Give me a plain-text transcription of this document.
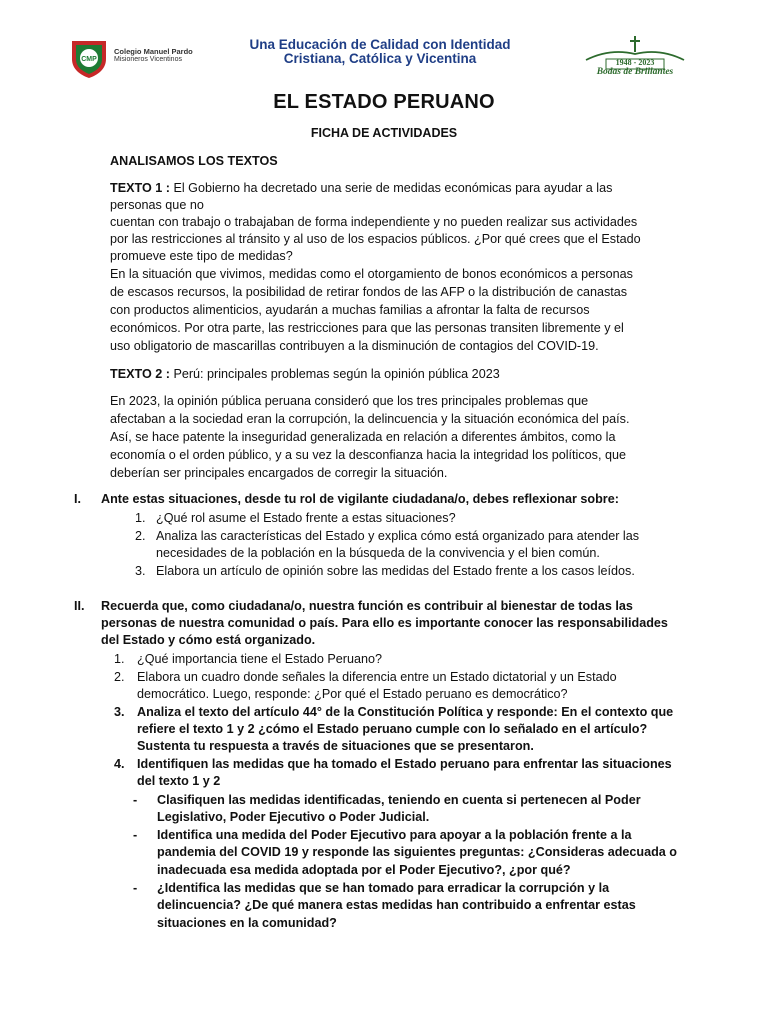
CMP
Colegio Manuel Pardo
Misioneros Vicentinos
Una Educación de Calidad con Identidad
Cristiana, Católica y Vicentina	1948 - 2023
Bodas de Brillantes
EL ESTADO PERUANO
FICHA DE ACTIVIDADES
ANALISAMOS LOS TEXTOS
TEXTO 1 : El Gobierno ha decretado una serie de medidas económicas para ayudar a las
personas que no
cuentan con trabajo o trabajaban de forma independiente y no pueden realizar sus actividades
por las restricciones al tránsito y al uso de los espacios públicos. ¿Por qué crees que el Estado
promueve este tipo de medidas?
En la situación que vivimos, medidas como el otorgamiento de bonos económicos a personas
de escasos recursos, la posibilidad de retirar fondos de las AFP o la distribución de canastas
con productos alimenticios, ayudarán a muchas familias a afrontar la falta de recursos
económicos. Por otra parte, las restricciones para que las personas transiten libremente y el
uso obligatorio de mascarillas contribuyen a la disminución de contagios del COVID-19.
TEXTO 2 : Perú: principales problemas según la opinión pública 2023
En 2023, la opinión pública peruana consideró que los tres principales problemas que
afectaban a la sociedad eran la corrupción, la delincuencia y la situación económica del país.
Así, se hace patente la inseguridad generalizada en relación a diferentes ámbitos, como la
economía o el orden público, y a su vez la desconfianza hacia la integridad los políticos, que
deberían ser principales encargados de corregir la situación.
I. Ante estas situaciones, desde tu rol de vigilante ciudadana/o, debes reflexionar sobre:
1. ¿Qué rol asume el Estado frente a estas situaciones?
2. Analiza las características del Estado y explica cómo está organizado para atender las
necesidades de la población en la búsqueda de la convivencia y el bien común.
3. Elabora un artículo de opinión sobre las medidas del Estado frente a los casos leídos.
II. Recuerda que, como ciudadana/o, nuestra función es contribuir al bienestar de todas las
personas de nuestra comunidad o país. Para ello es importante conocer las responsabilidades
del Estado y cómo está organizado.
1. ¿Qué importancia tiene el Estado Peruano?
2. Elabora un cuadro donde señales la diferencia entre un Estado dictatorial y un Estado
democrático. Luego, responde: ¿Por qué el Estado peruano es democrático?
3. Analiza el texto del artículo 44° de la Constitución Política y responde: En el contexto que
refiere el texto 1 y 2 ¿cómo el Estado peruano cumple con lo señalado en el artículo?
Sustenta tu respuesta a través de situaciones que se presentaron.
4. Identifiquen las medidas que ha tomado el Estado peruano para enfrentar las situaciones
del texto 1 y 2
- Clasifiquen las medidas identificadas, teniendo en cuenta si pertenecen al Poder
Legislativo, Poder Ejecutivo o Poder Judicial.
- Identifica una medida del Poder Ejecutivo para apoyar a la población frente a la
pandemia del COVID 19 y responde las siguientes preguntas: ¿Consideras adecuada o
inadecuada esa medida adoptada por el Poder Ejecutivo?, ¿por qué?
- ¿Identifica las medidas que se han tomado para erradicar la corrupción y la
delincuencia? ¿De qué manera estas medidas han contribuido a enfrentar estas
situaciones en la comunidad?
